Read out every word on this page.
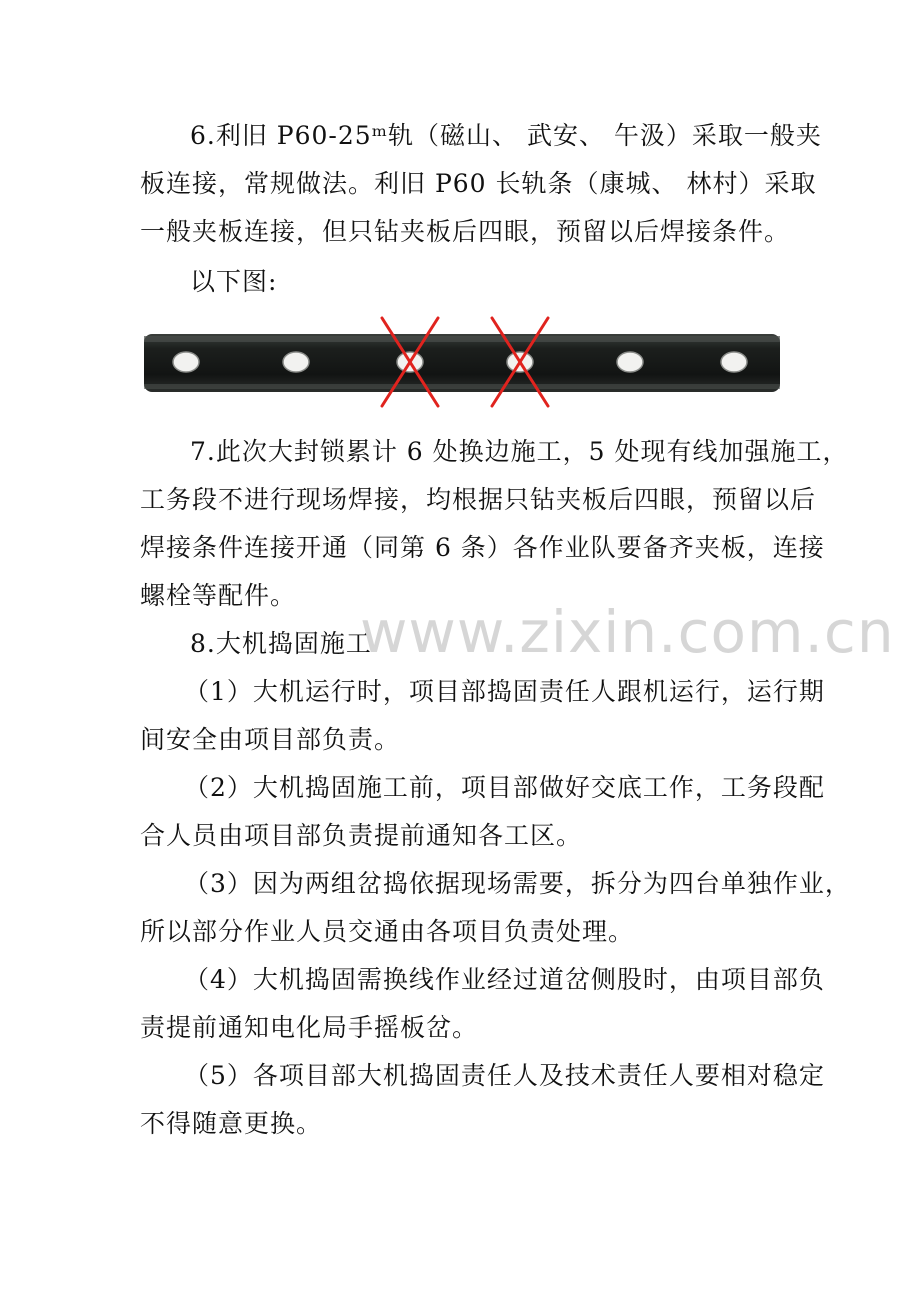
6.利旧 P60-25ᵐ轨（磁山、 武安、 午汲）采取一般夹
板连接，常规做法。利旧 P60 长轨条（康城、 林村）采取
一般夹板连接，但只钻夹板后四眼，预留以后焊接条件。

以下图:

7.此次大封锁累计 6 处换边施工，5 处现有线加强施工，
工务段不进行现场焊接，均根据只钻夹板后四眼，预留以后
焊接条件连接开通（同第 6 条）各作业队要备齐夹板，连接
螺栓等配件。

8.大机捣固施工

（1）大机运行时，项目部捣固责任人跟机运行，运行期
间安全由项目部负责。

（2）大机捣固施工前，项目部做好交底工作，工务段配
合人员由项目部负责提前通知各工区。

（3）因为两组岔捣依据现场需要，拆分为四台单独作业，
所以部分作业人员交通由各项目负责处理。

（4）大机捣固需换线作业经过道岔侧股时，由项目部负
责提前通知电化局手摇板岔。

（5）各项目部大机捣固责任人及技术责任人要相对稳定
不得随意更换。

www.zixin.com.cn
